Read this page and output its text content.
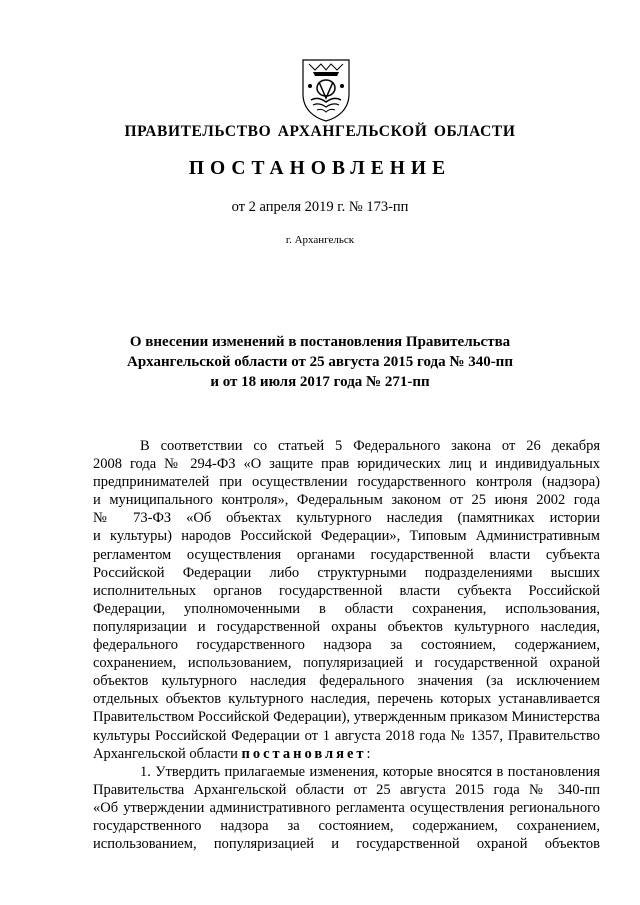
ПРАВИТЕЛЬСТВО АРХАНГЕЛЬСКОЙ ОБЛАСТИ
ПОСТАНОВЛЕНИЕ
от 2 апреля 2019 г. № 173-пп
г. Архангельск
О внесении изменений в постановления Правительства
Архангельской области от 25 августа 2015 года № 340-пп
и от 18 июля 2017 года № 271-пп
В соответствии со статьей 5 Федерального закона от 26 декабря
2008 года № 294-ФЗ «О защите прав юридических лиц и индивидуальных
предпринимателей при осуществлении государственного контроля (надзора)
и муниципального контроля», Федеральным законом от 25 июня 2002 года
№ 73-ФЗ «Об объектах культурного наследия (памятниках истории
и культуры) народов Российской Федерации», Типовым Административным
регламентом осуществления органами государственной власти субъекта
Российской Федерации либо структурными подразделениями высших
исполнительных органов государственной власти субъекта Российской
Федерации, уполномоченными в области сохранения, использования,
популяризации и государственной охраны объектов культурного наследия,
федерального государственного надзора за состоянием, содержанием,
сохранением, использованием, популяризацией и государственной охраной
объектов культурного наследия федерального значения (за исключением
отдельных объектов культурного наследия, перечень которых устанавливается
Правительством Российской Федерации), утвержденным приказом Министерства
культуры Российской Федерации от 1 августа 2018 года № 1357, Правительство
Архангельской области постановляет:
1. Утвердить прилагаемые изменения, которые вносятся в постановления
Правительства Архангельской области от 25 августа 2015 года № 340-пп
«Об утверждении административного регламента осуществления регионального
государственного надзора за состоянием, содержанием, сохранением,
использованием, популяризацией и государственной охраной объектов
